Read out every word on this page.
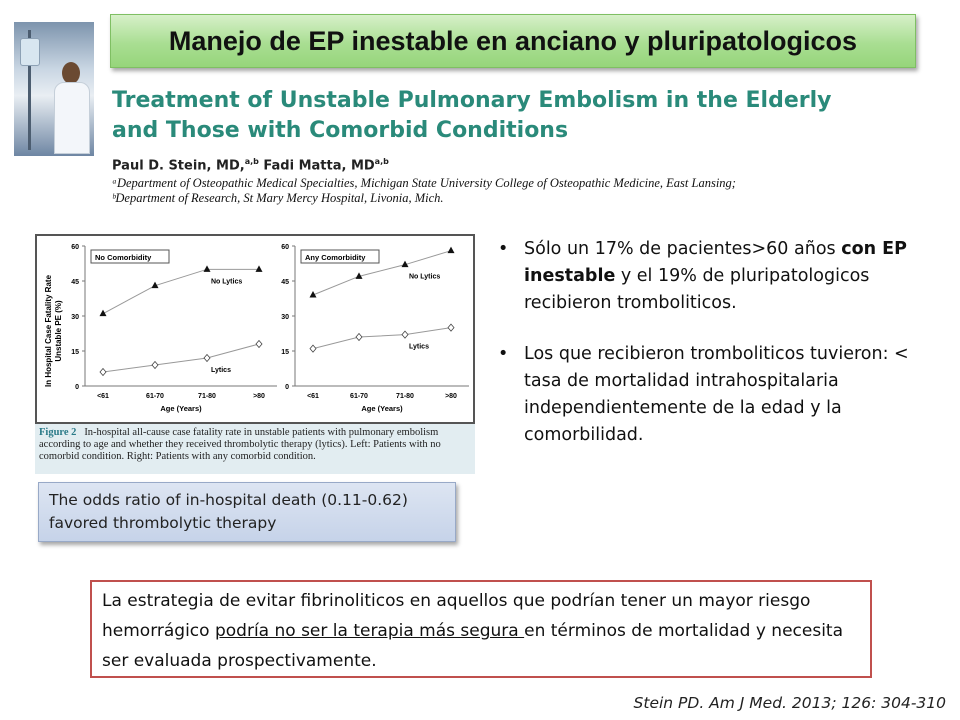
Manejo de EP inestable en anciano y pluripatologicos
Treatment of Unstable Pulmonary Embolism in the Elderly
and Those with Comorbid Conditions
Paul D. Stein, MD,$^{a,b}$ Fadi Matta, MD$^{a,b}$
ᵃDepartment of Osteopathic Medical Specialties, Michigan State University College of Osteopathic Medicine, East Lansing;
ᵇDepartment of Research, St Mary Mercy Hospital, Livonia, Mich.
In Hospital Case Fatality Rate Unstable PE (%)
0
15
30
45
60
<61	61-70	71-80	>80
Age (Years)
No Comorbidity
No Lytics
Lytics
0
15
30
45
60
<61	61-70	71-80	>80
Age (Years)
Any Comorbidity
No Lytics
Lytics
Figure 2 In-hospital all-cause case fatality rate in unstable patients with pulmonary embolism according to age and whether they received thrombolytic therapy (lytics). Left: Patients with no comorbid condition. Right: Patients with any comorbid condition.
The odds ratio of in-hospital death (0.11-0.62)
favored thrombolytic therapy
• Sólo un 17% de pacientes>60 años con EP inestable y el 19% de pluripatologicos recibieron tromboliticos.
• Los que recibieron tromboliticos tuvieron: < tasa de mortalidad intrahospitalaria independientemente de la edad y la comorbilidad.
La estrategia de evitar fibrinoliticos en aquellos que podrían tener un mayor riesgo hemorrágico podría no ser la terapia más segura en términos de mortalidad y necesita ser evaluada prospectivamente.
Stein PD. Am J Med. 2013; 126: 304-310
